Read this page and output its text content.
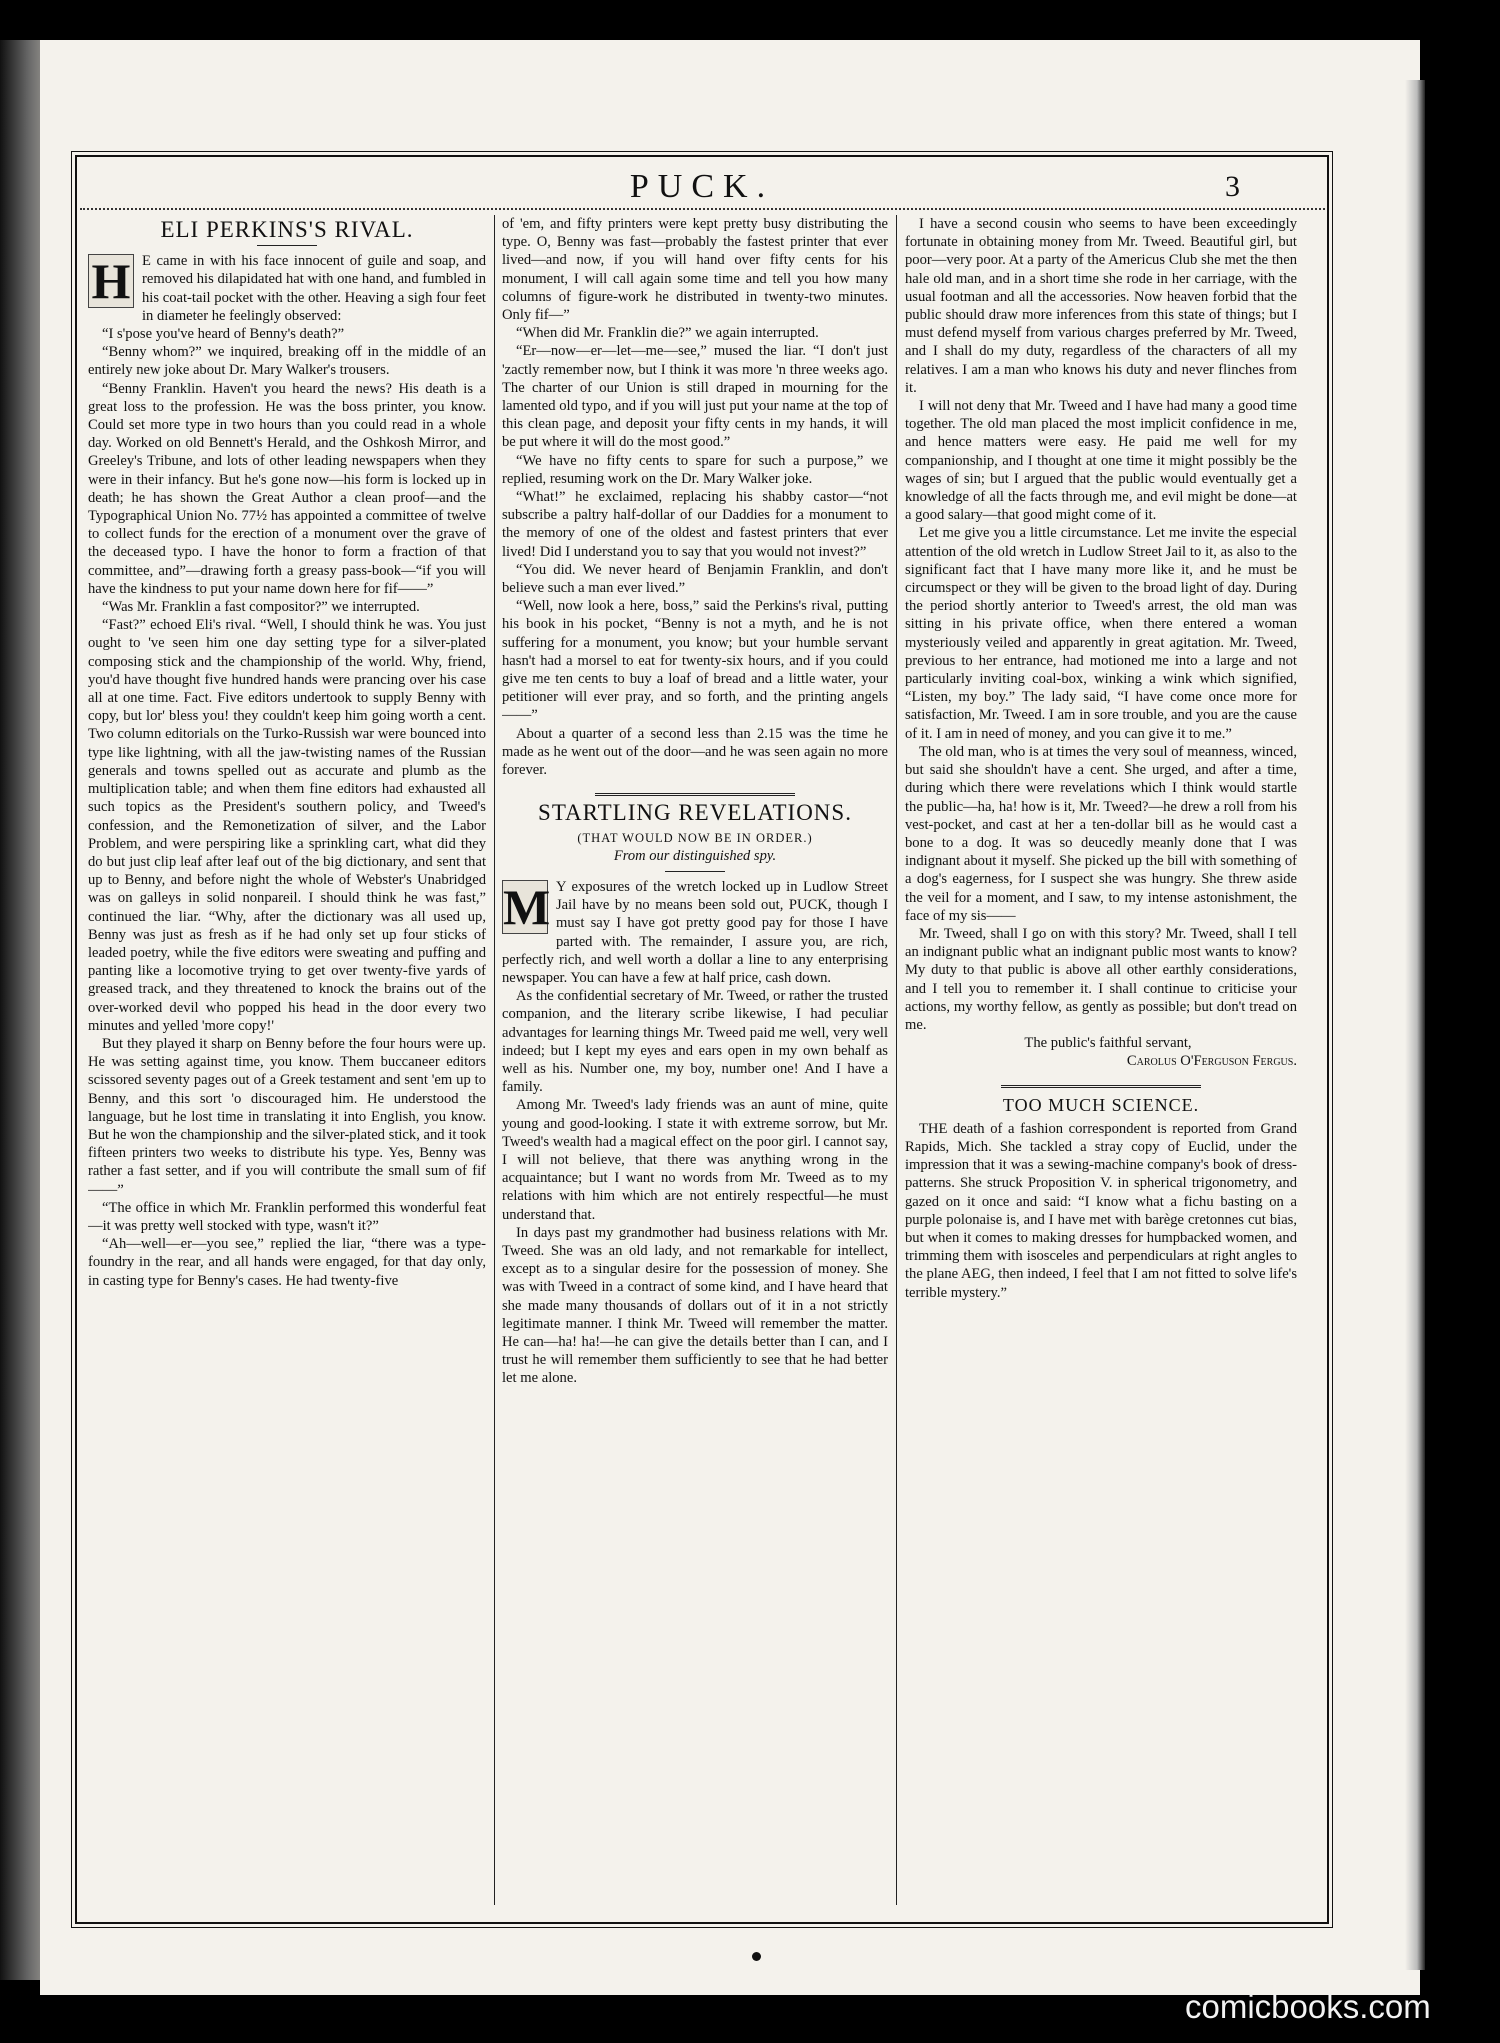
PUCK.	3
ELI PERKINS'S RIVAL.

H E came in with his face innocent of guile and soap, and removed his dilapidated hat with one hand, and fumbled in his coat-tail pocket with the other. Heaving a sigh four feet in diameter he feelingly observed:

“I s'pose you've heard of Benny's death?”

“Benny whom?” we inquired, breaking off in the middle of an entirely new joke about Dr. Mary Walker's trousers.

“Benny Franklin. Haven't you heard the news? His death is a great loss to the profession. He was the boss printer, you know. Could set more type in two hours than you could read in a whole day. Worked on old Bennett's Herald, and the Oshkosh Mirror, and Greeley's Tribune, and lots of other leading newspapers when they were in their infancy. But he's gone now—his form is locked up in death; he has shown the Great Author a clean proof—and the Typographical Union No. 77½ has appointed a committee of twelve to collect funds for the erection of a monument over the grave of the deceased typo. I have the honor to form a fraction of that committee, and”—drawing forth a greasy pass-book—“if you will have the kindness to put your name down here for fif——”

“Was Mr. Franklin a fast compositor?” we interrupted.

“Fast?” echoed Eli's rival. “Well, I should think he was. You just ought to 've seen him one day setting type for a silver-plated composing stick and the championship of the world. Why, friend, you'd have thought five hundred hands were prancing over his case all at one time. Fact. Five editors undertook to supply Benny with copy, but lor' bless you! they couldn't keep him going worth a cent. Two column editorials on the Turko-Russish war were bounced into type like lightning, with all the jaw-twisting names of the Russian generals and towns spelled out as accurate and plumb as the multiplication table; and when them fine editors had exhausted all such topics as the President's southern policy, and Tweed's confession, and the Remonetization of silver, and the Labor Problem, and were perspiring like a sprinkling cart, what did they do but just clip leaf after leaf out of the big dictionary, and sent that up to Benny, and before night the whole of Webster's Unabridged was on galleys in solid nonpareil. I should think he was fast,” continued the liar. “Why, after the dictionary was all used up, Benny was just as fresh as if he had only set up four sticks of leaded poetry, while the five editors were sweating and puffing and panting like a locomotive trying to get over twenty-five yards of greased track, and they threatened to knock the brains out of the over-worked devil who popped his head in the door every two minutes and yelled 'more copy!'

But they played it sharp on Benny before the four hours were up. He was setting against time, you know. Them buccaneer editors scissored seventy pages out of a Greek testament and sent 'em up to Benny, and this sort 'o discouraged him. He understood the language, but he lost time in translating it into English, you know. But he won the championship and the silver-plated stick, and it took fifteen printers two weeks to distribute his type. Yes, Benny was rather a fast setter, and if you will contribute the small sum of fif——”

“The office in which Mr. Franklin performed this wonderful feat—it was pretty well stocked with type, wasn't it?”

“Ah—well—er—you see,” replied the liar, “there was a type-foundry in the rear, and all hands were engaged, for that day only, in casting type for Benny's cases. He had twenty-five

of 'em, and fifty printers were kept pretty busy distributing the type. O, Benny was fast—probably the fastest printer that ever lived—and now, if you will hand over fifty cents for his monument, I will call again some time and tell you how many columns of figure-work he distributed in twenty-two minutes. Only fif—”

“When did Mr. Franklin die?” we again interrupted.

“Er—now—er—let—me—see,” mused the liar. “I don't just 'zactly remember now, but I think it was more 'n three weeks ago. The charter of our Union is still draped in mourning for the lamented old typo, and if you will just put your name at the top of this clean page, and deposit your fifty cents in my hands, it will be put where it will do the most good.”

“We have no fifty cents to spare for such a purpose,” we replied, resuming work on the Dr. Mary Walker joke.

“What!” he exclaimed, replacing his shabby castor—“not subscribe a paltry half-dollar of our Daddies for a monument to the memory of one of the oldest and fastest printers that ever lived! Did I understand you to say that you would not invest?”

“You did. We never heard of Benjamin Franklin, and don't believe such a man ever lived.”

“Well, now look a here, boss,” said the Perkins's rival, putting his book in his pocket, “Benny is not a myth, and he is not suffering for a monument, you know; but your humble servant hasn't had a morsel to eat for twenty-six hours, and if you could give me ten cents to buy a loaf of bread and a little water, your petitioner will ever pray, and so forth, and the printing angels——”

About a quarter of a second less than 2.15 was the time he made as he went out of the door—and he was seen again no more forever.

STARTLING REVELATIONS.
(THAT WOULD NOW BE IN ORDER.)
From our distinguished spy.

M Y exposures of the wretch locked up in Ludlow Street Jail have by no means been sold out, PUCK, though I must say I have got pretty good pay for those I have parted with. The remainder, I assure you, are rich, perfectly rich, and well worth a dollar a line to any enterprising newspaper. You can have a few at half price, cash down.

As the confidential secretary of Mr. Tweed, or rather the trusted companion, and the literary scribe likewise, I had peculiar advantages for learning things Mr. Tweed paid me well, very well indeed; but I kept my eyes and ears open in my own behalf as well as his. Number one, my boy, number one! And I have a family.

Among Mr. Tweed's lady friends was an aunt of mine, quite young and good-looking. I state it with extreme sorrow, but Mr. Tweed's wealth had a magical effect on the poor girl. I cannot say, I will not believe, that there was anything wrong in the acquaintance; but I want no words from Mr. Tweed as to my relations with him which are not entirely respectful—he must understand that.

In days past my grandmother had business relations with Mr. Tweed. She was an old lady, and not remarkable for intellect, except as to a singular desire for the possession of money. She was with Tweed in a contract of some kind, and I have heard that she made many thousands of dollars out of it in a not strictly legitimate manner. I think Mr. Tweed will remember the matter. He can—ha! ha!—he can give the details better than I can, and I trust he will remember them sufficiently to see that he had better let me alone.

I have a second cousin who seems to have been exceedingly fortunate in obtaining money from Mr. Tweed. Beautiful girl, but poor—very poor. At a party of the Americus Club she met the then hale old man, and in a short time she rode in her carriage, with the usual footman and all the accessories. Now heaven forbid that the public should draw more inferences from this state of things; but I must defend myself from various charges preferred by Mr. Tweed, and I shall do my duty, regardless of the characters of all my relatives. I am a man who knows his duty and never flinches from it.

I will not deny that Mr. Tweed and I have had many a good time together. The old man placed the most implicit confidence in me, and hence matters were easy. He paid me well for my companionship, and I thought at one time it might possibly be the wages of sin; but I argued that the public would eventually get a knowledge of all the facts through me, and evil might be done—at a good salary—that good might come of it.

Let me give you a little circumstance. Let me invite the especial attention of the old wretch in Ludlow Street Jail to it, as also to the significant fact that I have many more like it, and he must be circumspect or they will be given to the broad light of day. During the period shortly anterior to Tweed's arrest, the old man was sitting in his private office, when there entered a woman mysteriously veiled and apparently in great agitation. Mr. Tweed, previous to her entrance, had motioned me into a large and not particularly inviting coal-box, winking a wink which signified, “Listen, my boy.” The lady said, “I have come once more for satisfaction, Mr. Tweed. I am in sore trouble, and you are the cause of it. I am in need of money, and you can give it to me.”

The old man, who is at times the very soul of meanness, winced, but said she shouldn't have a cent. She urged, and after a time, during which there were revelations which I think would startle the public—ha, ha! how is it, Mr. Tweed?—he drew a roll from his vest-pocket, and cast at her a ten-dollar bill as he would cast a bone to a dog. It was so deucedly meanly done that I was indignant about it myself. She picked up the bill with something of a dog's eagerness, for I suspect she was hungry. She threw aside the veil for a moment, and I saw, to my intense astonishment, the face of my sis——

Mr. Tweed, shall I go on with this story? Mr. Tweed, shall I tell an indignant public what an indignant public most wants to know? My duty to that public is above all other earthly considerations, and I tell you to remember it. I shall continue to criticise your actions, my worthy fellow, as gently as possible; but don't tread on me.

The public's faithful servant,

Carolus O'Ferguson Fergus.

TOO MUCH SCIENCE.

THE death of a fashion correspondent is reported from Grand Rapids, Mich. She tackled a stray copy of Euclid, under the impression that it was a sewing-machine company's book of dress-patterns. She struck Proposition V. in spherical trigonometry, and gazed on it once and said: “I know what a fichu basting on a purple polonaise is, and I have met with barège cretonnes cut bias, but when it comes to making dresses for humpbacked women, and trimming them with isosceles and perpendiculars at right angles to the plane AEG, then indeed, I feel that I am not fitted to solve life's terrible mystery.”

comicbooks.com
